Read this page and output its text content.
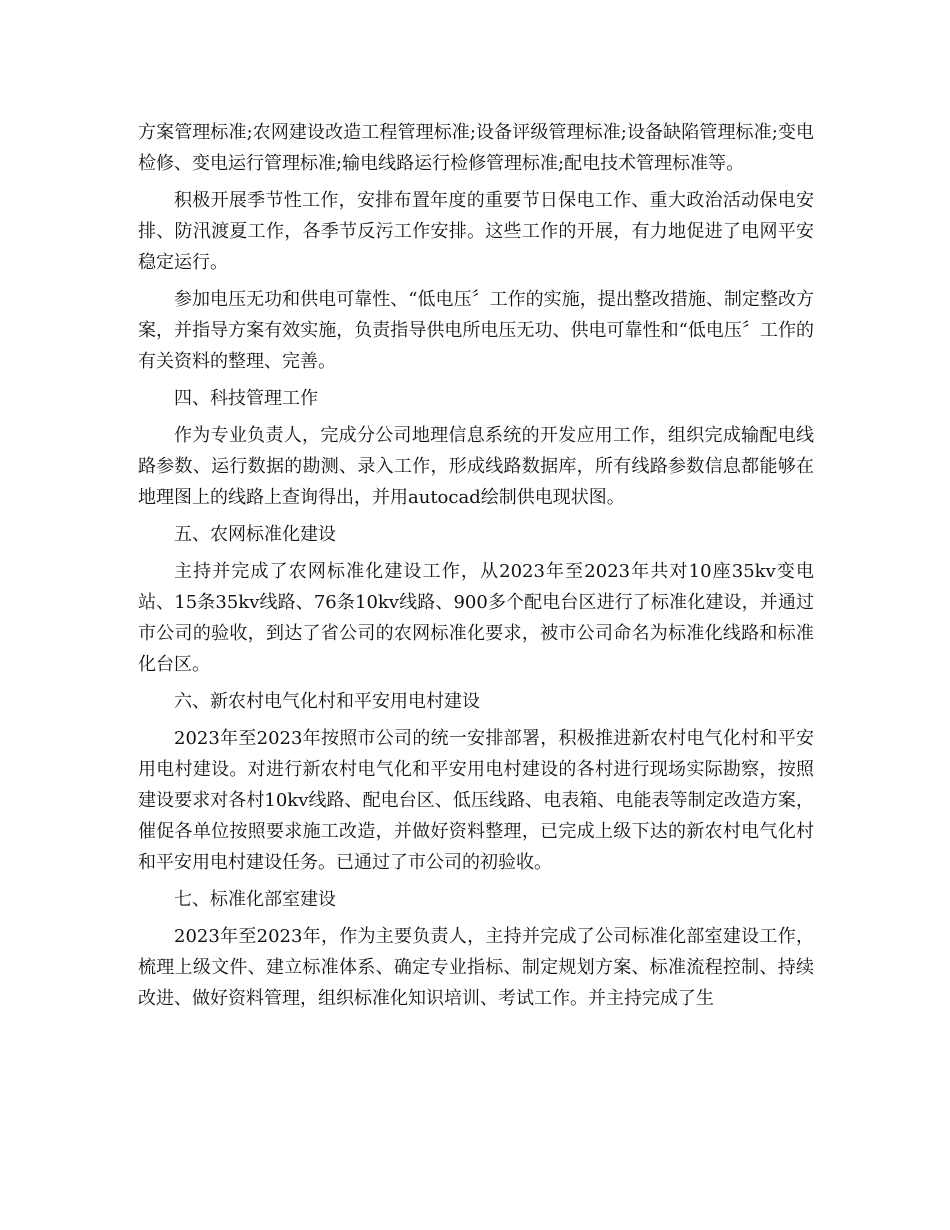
方案管理标准;农网建设改造工程管理标准;设备评级管理标准;设备缺陷管理标准;变电检修、变电运行管理标准;输电线路运行检修管理标准;配电技术管理标准等。

积极开展季节性工作，安排布置年度的重要节日保电工作、重大政治活动保电安排、防汛渡夏工作，各季节反污工作安排。这些工作的开展，有力地促进了电网平安稳定运行。

参加电压无功和供电可靠性、“低电压〞工作的实施，提出整改措施、制定整改方案，并指导方案有效实施，负责指导供电所电压无功、供电可靠性和“低电压〞工作的有关资料的整理、完善。

四、科技管理工作

作为专业负责人，完成分公司地理信息系统的开发应用工作，组织完成输配电线路参数、运行数据的勘测、录入工作，形成线路数据库，所有线路参数信息都能够在地理图上的线路上查询得出，并用autocad绘制供电现状图。

五、农网标准化建设

主持并完成了农网标准化建设工作，从2023年至2023年共对10座35kv变电站、15条35kv线路、76条10kv线路、900多个配电台区进行了标准化建设，并通过市公司的验收，到达了省公司的农网标准化要求，被市公司命名为标准化线路和标准化台区。

六、新农村电气化村和平安用电村建设

2023年至2023年按照市公司的统一安排部署，积极推进新农村电气化村和平安用电村建设。对进行新农村电气化和平安用电村建设的各村进行现场实际勘察，按照建设要求对各村10kv线路、配电台区、低压线路、电表箱、电能表等制定改造方案，催促各单位按照要求施工改造，并做好资料整理，已完成上级下达的新农村电气化村和平安用电村建设任务。已通过了市公司的初验收。

七、标准化部室建设

2023年至2023年，作为主要负责人，主持并完成了公司标准化部室建设工作，梳理上级文件、建立标准体系、确定专业指标、制定规划方案、标准流程控制、持续改进、做好资料管理，组织标准化知识培训、考试工作。并主持完成了生
